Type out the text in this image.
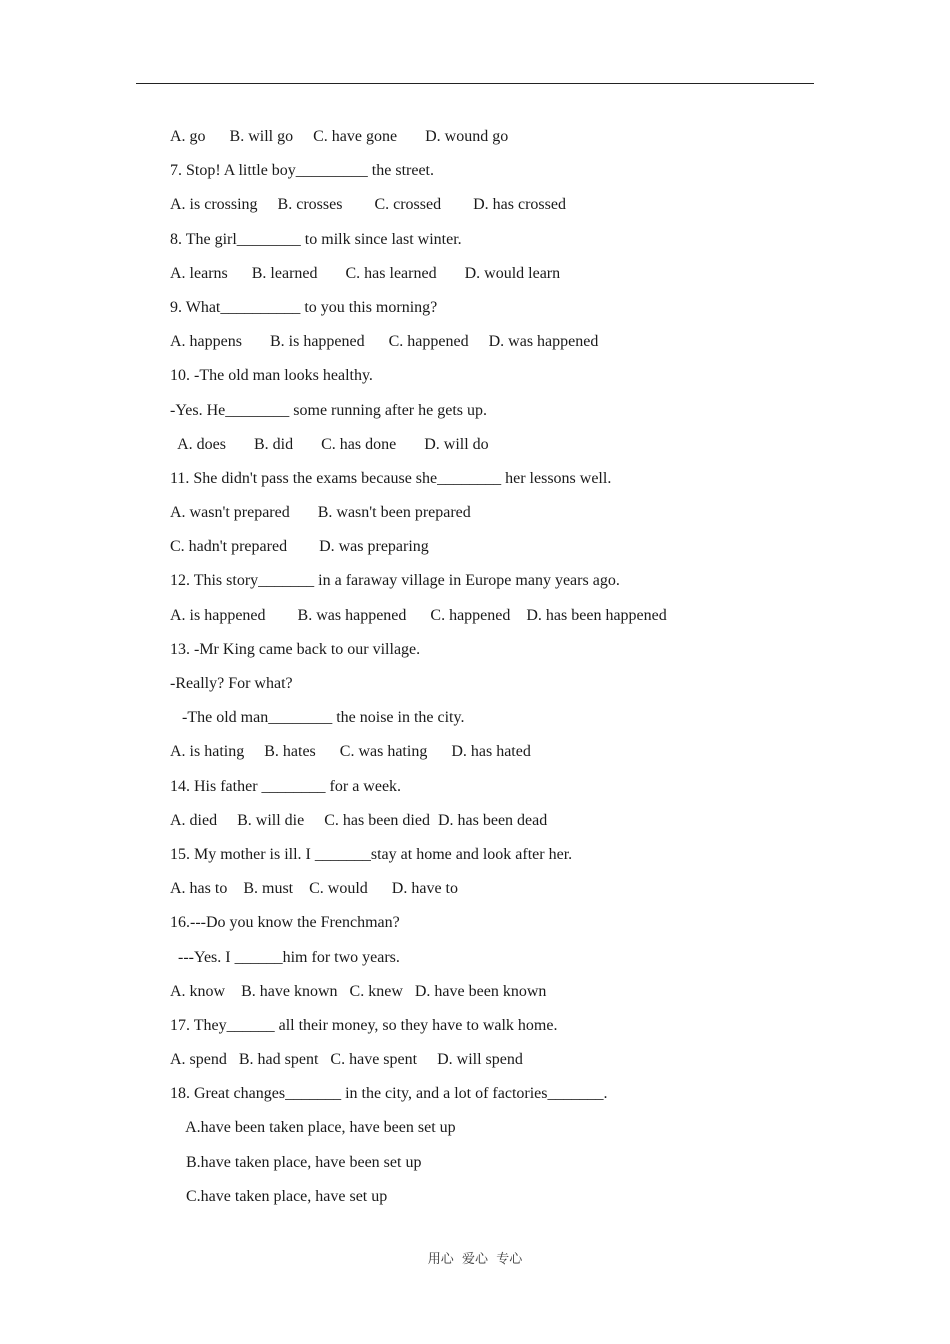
A. go      B. will go     C. have gone       D. wound go
7. Stop! A little boy_________ the street.
A. is crossing     B. crosses        C. crossed        D. has crossed
8. The girl________ to milk since last winter.
A. learns      B. learned       C. has learned       D. would learn
9. What__________ to you this morning?
A. happens       B. is happened      C. happened     D. was happened
10. -The old man looks healthy.
-Yes. He________ some running after he gets up.
A. does       B. did       C. has done       D. will do
11. She didn't pass the exams because she________ her lessons well.
A. wasn't prepared       B. wasn't been prepared
C. hadn't prepared        D. was preparing
12. This story_______ in a faraway village in Europe many years ago.
A. is happened        B. was happened      C. happened    D. has been happened
13. -Mr King came back to our village.
-Really? For what?
-The old man________ the noise in the city.
A. is hating     B. hates      C. was hating      D. has hated
14. His father ________ for a week.
A. died     B. will die     C. has been died  D. has been dead
15. My mother is ill. I _______stay at home and look after her.
A. has to    B. must    C. would      D. have to
16.---Do you know the Frenchman?
---Yes. I ______him for two years.
A. know    B. have known   C. knew   D. have been known
17. They______ all their money, so they have to walk home.
A. spend   B. had spent   C. have spent     D. will spend
18. Great changes_______ in the city, and a lot of factories_______.
A.have been taken place, have been set up
B.have taken place, have been set up
C.have taken place, have set up
用心  爱心  专心
